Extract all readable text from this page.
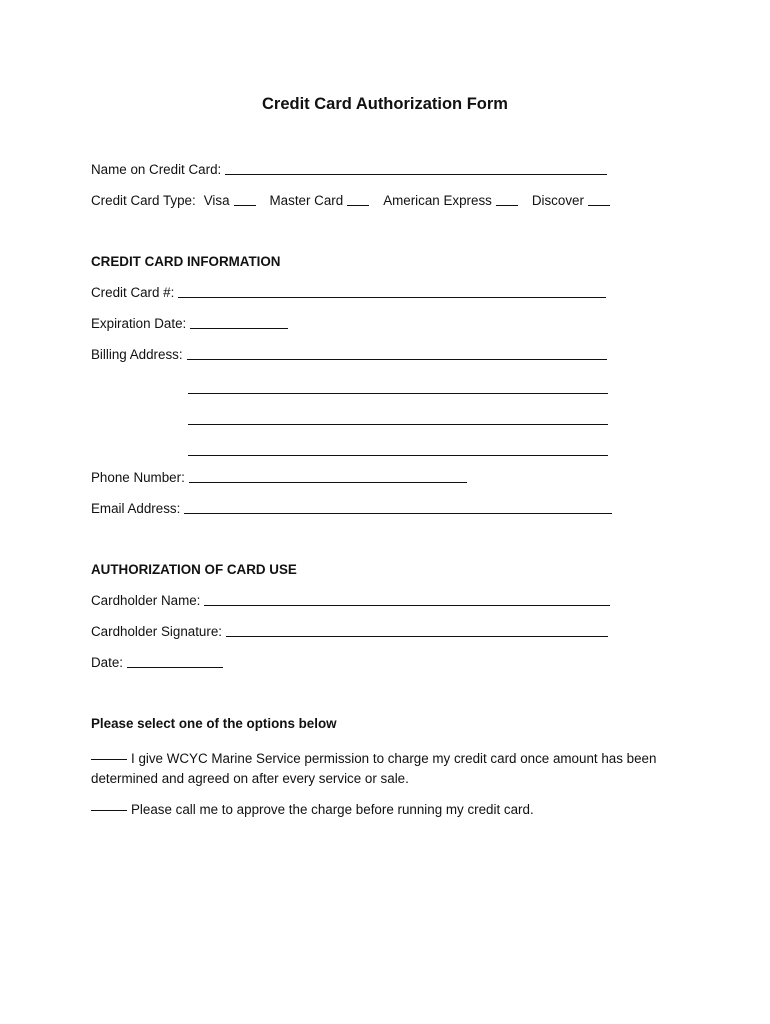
Credit Card Authorization Form
Name on Credit Card:
Credit Card Type: Visa	Master Card	American Express	Discover
CREDIT CARD INFORMATION
Credit Card #:
Expiration Date:
Billing Address:
Phone Number:
Email Address:
AUTHORIZATION OF CARD USE
Cardholder Name:
Cardholder Signature:
Date:
Please select one of the options below
I give WCYC Marine Service permission to charge my credit card once amount has been determined and agreed on after every service or sale.
Please call me to approve the charge before running my credit card.
